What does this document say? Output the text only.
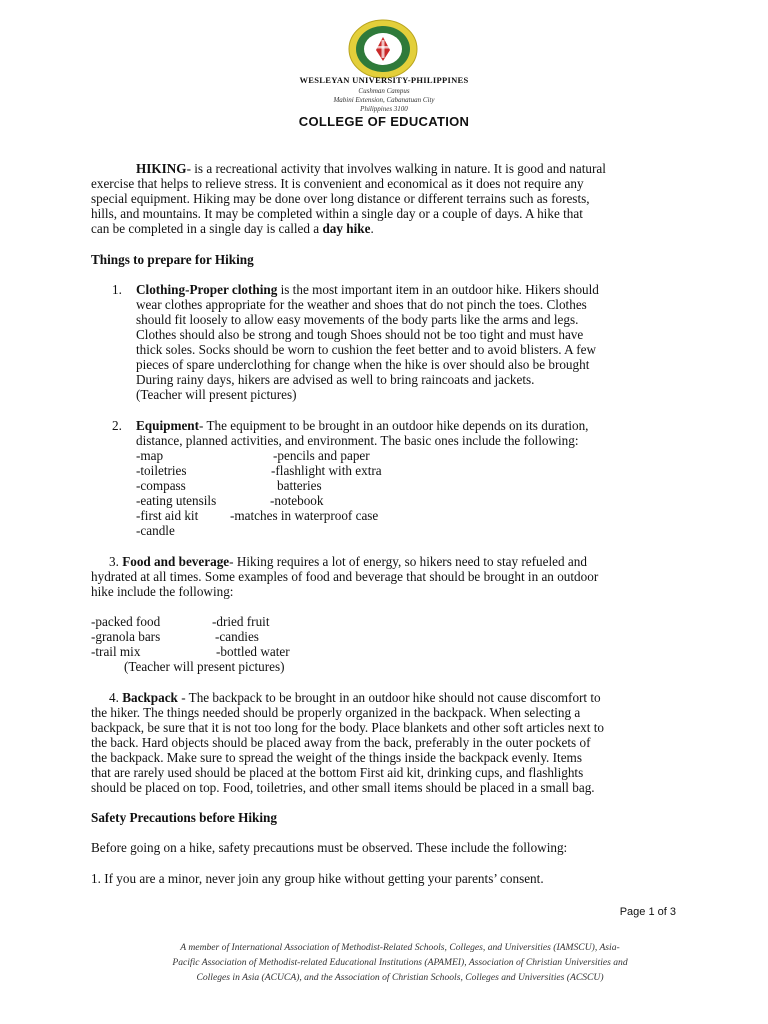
WESLEYAN UNIVERSITY-PHILIPPINES
Cushman Campus
Mabini Extension, Cabanatuan City
Philippines 3100
COLLEGE OF EDUCATION
HIKING- is a recreational activity that involves walking in nature. It is good and natural
exercise that helps to relieve stress. It is convenient and economical as it does not require any
special equipment. Hiking may be done over long distance or different terrains such as forests,
hills, and mountains. It may be completed within a single day or a couple of days. A hike that
can be completed in a single day is called a day hike.
Things to prepare for Hiking
1. Clothing-Proper clothing is the most important item in an outdoor hike. Hikers should
wear clothes appropriate for the weather and shoes that do not pinch the toes. Clothes
should fit loosely to allow easy movements of the body parts like the arms and legs.
Clothes should also be strong and tough Shoes should not be too tight and must have
thick soles. Socks should be worn to cushion the feet better and to avoid blisters. A few
pieces of spare underclothing for change when the hike is over should also be brought
During rainy days, hikers are advised as well to bring raincoats and jackets.
(Teacher will present pictures)
2. Equipment- The equipment to be brought in an outdoor hike depends on its duration,
distance, planned activities, and environment. The basic ones include the following:
-map
-toiletries
-compass
-eating utensils
-first aid kit
-candle
-pencils and paper
-flashlight with extra
batteries
-notebook
-matches in waterproof case
3. Food and beverage- Hiking requires a lot of energy, so hikers need to stay refueled and
hydrated at all times. Some examples of food and beverage that should be brought in an outdoor
hike include the following:
-packed food
-granola bars
-trail mix
-dried fruit
-candies
-bottled water
(Teacher will present pictures)
4. Backpack - The backpack to be brought in an outdoor hike should not cause discomfort to
the hiker. The things needed should be properly organized in the backpack. When selecting a
backpack, be sure that it is not too long for the body. Place blankets and other soft articles next to
the back. Hard objects should be placed away from the back, preferably in the outer pockets of
the backpack. Make sure to spread the weight of the things inside the backpack evenly. Items
that are rarely used should be placed at the bottom First aid kit, drinking cups, and flashlights
should be placed on top. Food, toiletries, and other small items should be placed in a small bag.
Safety Precautions before Hiking
Before going on a hike, safety precautions must be observed. These include the following:
1. If you are a minor, never join any group hike without getting your parents’ consent.
Page 1 of 3
A member of International Association of Methodist-Related Schools, Colleges, and Universities (IAMSCU), Asia-
Pacific Association of Methodist-related Educational Institutions (APAMEI), Association of Christian Universities and
Colleges in Asia (ACUCA), and the Association of Christian Schools, Colleges and Universities (ACSCU)
